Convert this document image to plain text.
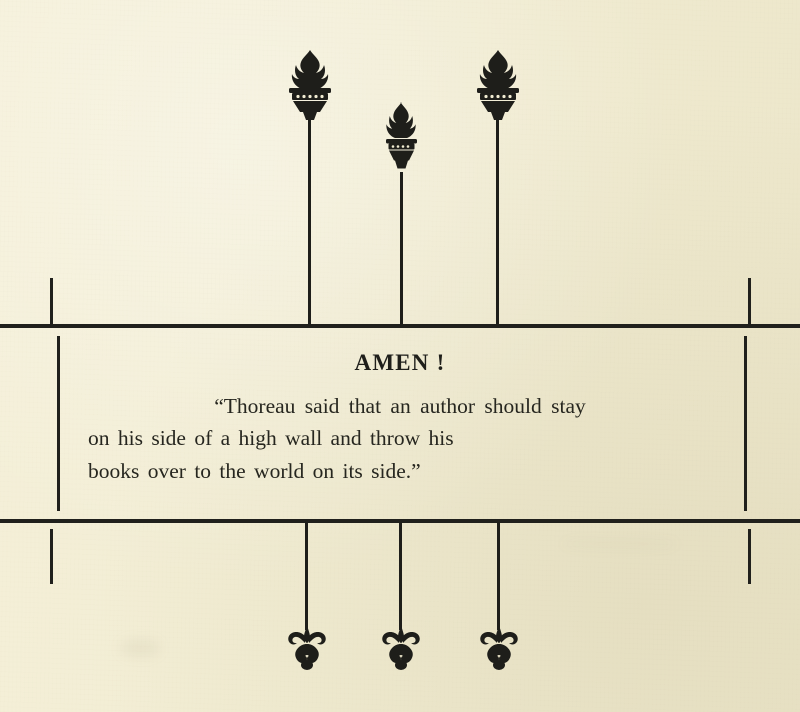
AMEN !

“Thoreau said that an author should stay
on his side of a high wall and throw his
books over to the world on its side.”
